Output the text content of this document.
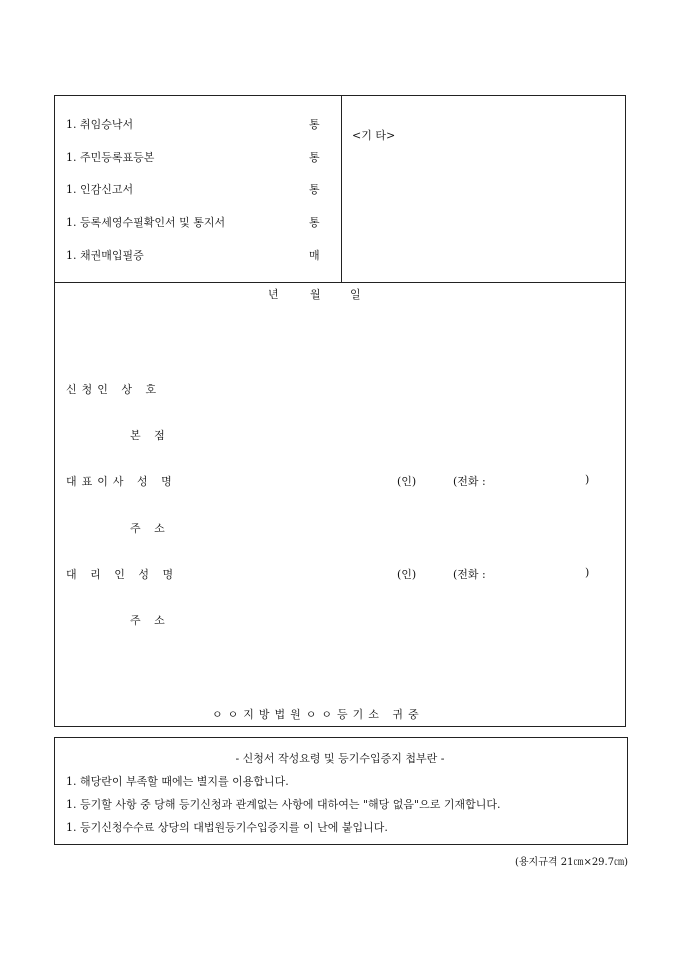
1. 취임승낙서	통
1. 주민등록표등본	통
1. 인감신고서	통
1. 등록세영수필확인서 및 통지서	통
1. 채권매입필증	매
<기 타>
년	월	일
신청인 상 호
본 점
대표이사 성 명	(인)	(전화 :	)
주 소
대 리 인 성 명	(인)	(전화 :	)
주 소
ㅇㅇ지방법원ㅇㅇ등기소 귀중
- 신청서 작성요령 및 등기수입증지 첩부란 -
1. 해당란이 부족할 때에는 별지를 이용합니다.
1. 등기할 사항 중 당해 등기신청과 관계없는 사항에 대하여는 "해당 없음"으로 기재합니다.
1. 등기신청수수료 상당의 대법원등기수입증지를 이 난에 붙입니다.
(용지규격 21㎝×29.7㎝)
